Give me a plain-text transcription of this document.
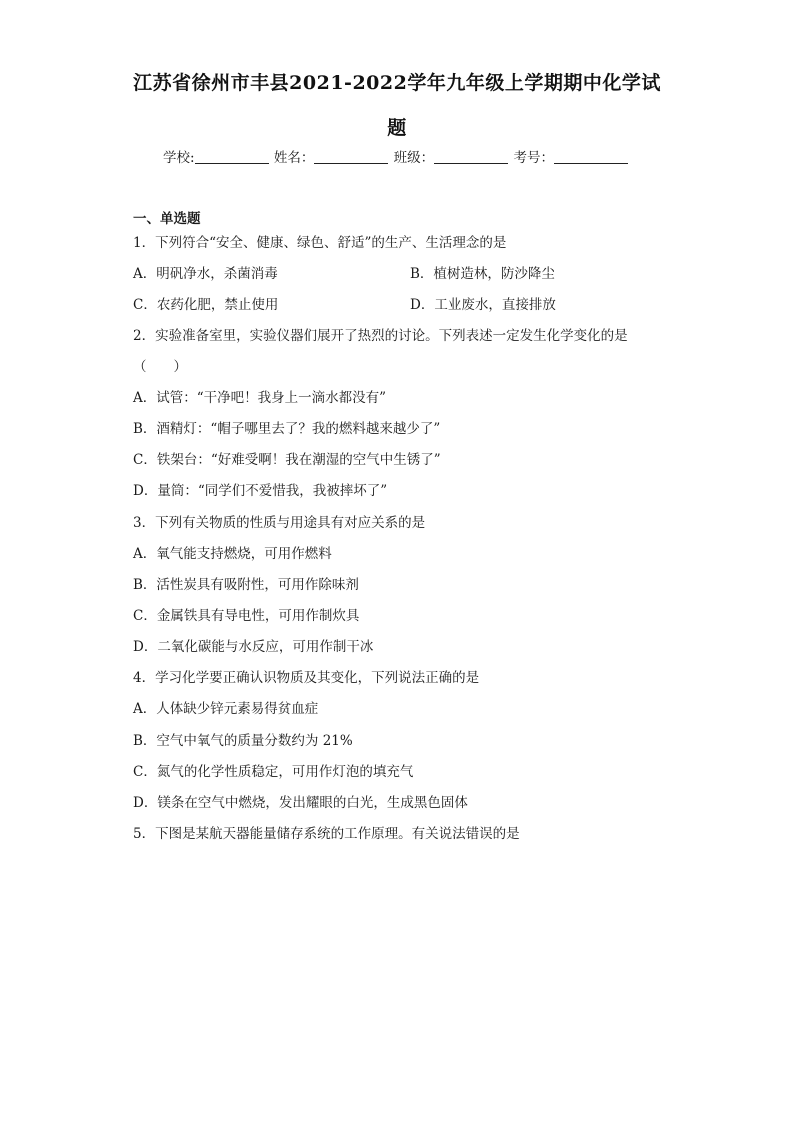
江苏省徐州市丰县2021-2022学年九年级上学期期中化学试
题
学校:	姓名：	班级：	考号：
一、单选题
1．下列符合“安全、健康、绿色、舒适”的生产、生活理念的是
A．明矾净水，杀菌消毒	B．植树造林，防沙降尘
C．农药化肥，禁止使用	D．工业废水，直接排放
2．实验准备室里，实验仪器们展开了热烈的讨论。下列表述一定发生化学变化的是
（　　）
A．试管：“干净吧！我身上一滴水都没有”
B．酒精灯：“帽子哪里去了？我的燃料越来越少了”
C．铁架台：“好难受啊！我在潮湿的空气中生锈了”
D．量筒：“同学们不爱惜我，我被摔坏了”
3．下列有关物质的性质与用途具有对应关系的是
A．氧气能支持燃烧，可用作燃料
B．活性炭具有吸附性，可用作除味剂
C．金属铁具有导电性，可用作制炊具
D．二氧化碳能与水反应，可用作制干冰
4．学习化学要正确认识物质及其变化，下列说法正确的是
A．人体缺少锌元素易得贫血症
B．空气中氧气的质量分数约为 21%
C．氮气的化学性质稳定，可用作灯泡的填充气
D．镁条在空气中燃烧，发出耀眼的白光，生成黑色固体
5．下图是某航天器能量储存系统的工作原理。有关说法错误的是
